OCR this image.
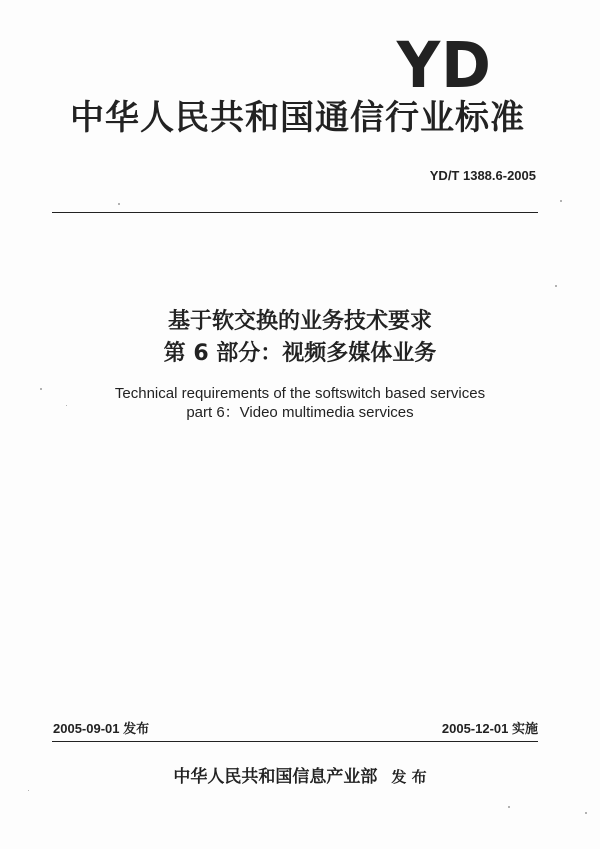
YD
中华人民共和国通信行业标准
YD/T 1388.6-2005
基于软交换的业务技术要求
第 6 部分：视频多媒体业务
Technical requirements of the softswitch based services
part 6：Video multimedia services
2005-09-01 发布	2005-12-01 实施
中华人民共和国信息产业部 发 布
